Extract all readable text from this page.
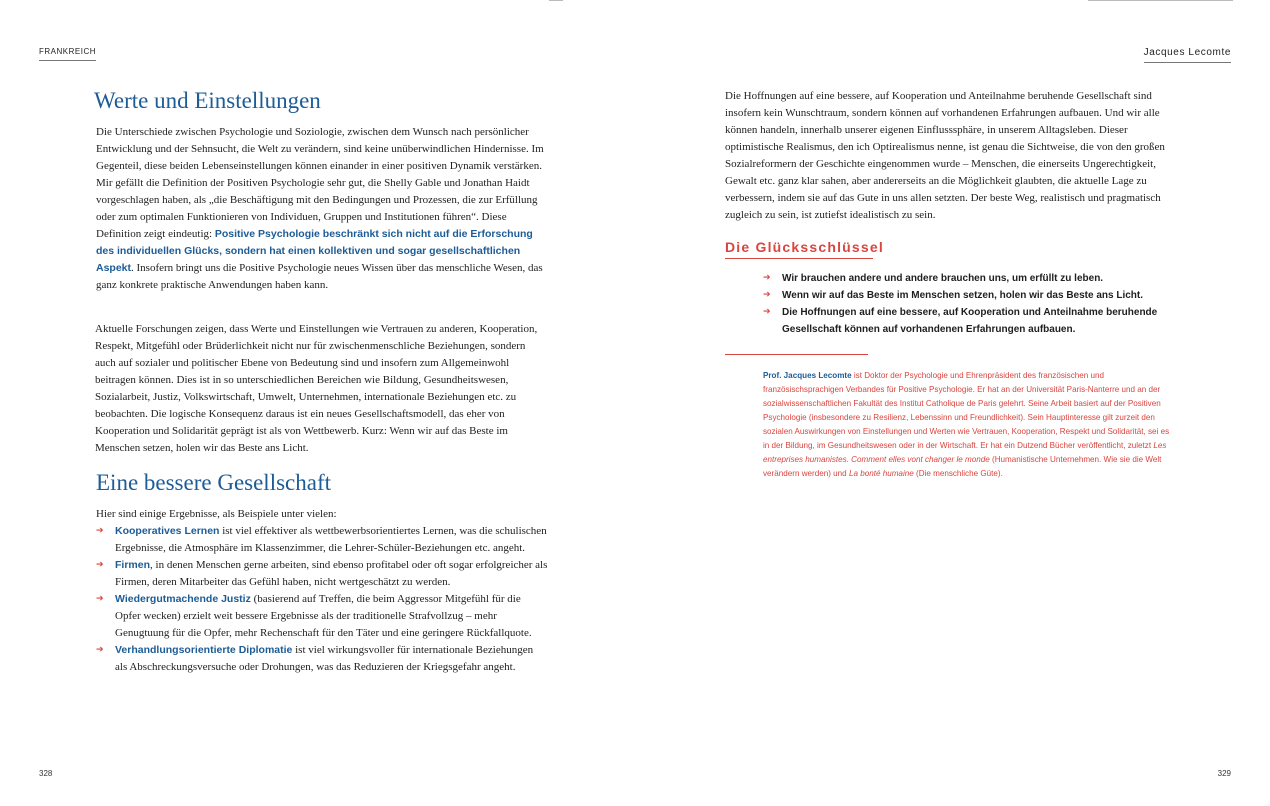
FRANKREICH
Werte und Einstellungen

Die Unterschiede zwischen Psychologie und Soziologie, zwischen dem Wunsch nach persönlicher Entwicklung und der Sehnsucht, die Welt zu verändern, sind keine unüberwindlichen Hindernisse. Im Gegenteil, diese beiden Lebenseinstellungen können einander in einer positiven Dynamik verstärken. Mir gefällt die Definition der Positiven Psychologie sehr gut, die Shelly Gable und Jonathan Haidt vorgeschlagen haben, als „die Beschäftigung mit den Bedingungen und Prozessen, die zur Erfüllung oder zum optimalen Funktionieren von Individuen, Gruppen und Institutionen führen“. Diese Definition zeigt eindeutig: Positive Psychologie beschränkt sich nicht auf die Erforschung des individuellen Glücks, sondern hat einen kollektiven und sogar gesellschaftlichen Aspekt. Insofern bringt uns die Positive Psychologie neues Wissen über das menschliche Wesen, das ganz konkrete praktische Anwendungen haben kann.

Aktuelle Forschungen zeigen, dass Werte und Einstellungen wie Vertrauen zu anderen, Kooperation, Respekt, Mitgefühl oder Brüderlichkeit nicht nur für zwischenmenschliche Beziehungen, sondern auch auf sozialer und politischer Ebene von Bedeutung sind und insofern zum Allgemeinwohl beitragen können. Dies ist in so unterschiedlichen Bereichen wie Bildung, Gesundheitswesen, Sozialarbeit, Justiz, Volkswirtschaft, Umwelt, Unternehmen, internationale Beziehungen etc. zu beobachten. Die logische Konsequenz daraus ist ein neues Gesellschaftsmodell, das eher von Kooperation und Solidarität geprägt ist als von Wettbewerb. Kurz: Wenn wir auf das Beste im Menschen setzen, holen wir das Beste ans Licht.

Eine bessere Gesellschaft

Hier sind einige Ergebnisse, als Beispiele unter vielen:

➔ Kooperatives Lernen ist viel effektiver als wettbewerbsorientiertes Lernen, was die schulischen Ergebnisse, die Atmosphäre im Klassenzimmer, die Lehrer-Schüler-Beziehungen etc. angeht.
➔ Firmen, in denen Menschen gerne arbeiten, sind ebenso profitabel oder oft sogar erfolgreicher als Firmen, deren Mitarbeiter das Gefühl haben, nicht wertgeschätzt zu werden.
➔ Wiedergutmachende Justiz (basierend auf Treffen, die beim Aggressor Mitgefühl für die Opfer wecken) erzielt weit bessere Ergebnisse als der traditionelle Strafvollzug – mehr Genugtuung für die Opfer, mehr Rechenschaft für den Täter und eine geringere Rückfallquote.
➔ Verhandlungsorientierte Diplomatie ist viel wirkungsvoller für internationale Beziehungen als Abschreckungsversuche oder Drohungen, was das Reduzieren der Kriegsgefahr angeht.
328
Jacques Lecomte

Die Hoffnungen auf eine bessere, auf Kooperation und Anteilnahme beruhende Gesellschaft sind insofern kein Wunschtraum, sondern können auf vorhandenen Erfahrungen aufbauen. Und wir alle können handeln, innerhalb unserer eigenen Einflusssphäre, in unserem Alltagsleben. Dieser optimistische Realismus, den ich Optirealismus nenne, ist genau die Sichtweise, die von den großen Sozialreformern der Geschichte eingenommen wurde – Menschen, die einerseits Ungerechtigkeit, Gewalt etc. ganz klar sahen, aber andererseits an die Möglichkeit glaubten, die aktuelle Lage zu verbessern, indem sie auf das Gute in uns allen setzten. Der beste Weg, realistisch und pragmatisch zugleich zu sein, ist zutiefst idealistisch zu sein.

Die Glücksschlüssel
➔ Wir brauchen andere und andere brauchen uns, um erfüllt zu leben.
➔ Wenn wir auf das Beste im Menschen setzen, holen wir das Beste ans Licht.
➔ Die Hoffnungen auf eine bessere, auf Kooperation und Anteilnahme beruhende Gesellschaft können auf vorhandenen Erfahrungen aufbauen.
Prof. Jacques Lecomte ist Doktor der Psychologie und Ehrenpräsident des französischen und französischsprachigen Verbandes für Positive Psychologie. Er hat an der Universität Paris-Nanterre und an der sozialwissenschaftlichen Fakultät des Institut Catholique de Paris gelehrt. Seine Arbeit basiert auf der Positiven Psychologie (insbesondere zu Resilienz, Lebenssinn und Freundlichkeit). Sein Hauptinteresse gilt zurzeit den sozialen Auswirkungen von Einstellungen und Werten wie Vertrauen, Kooperation, Respekt und Solidarität, sei es in der Bildung, im Gesundheitswesen oder in der Wirtschaft. Er hat ein Dutzend Bücher veröffentlicht, zuletzt Les entreprises humanistes. Comment elles vont changer le monde (Humanistische Unternehmen. Wie sie die Welt verändern werden) und La bonté humaine (Die menschliche Güte).
329
